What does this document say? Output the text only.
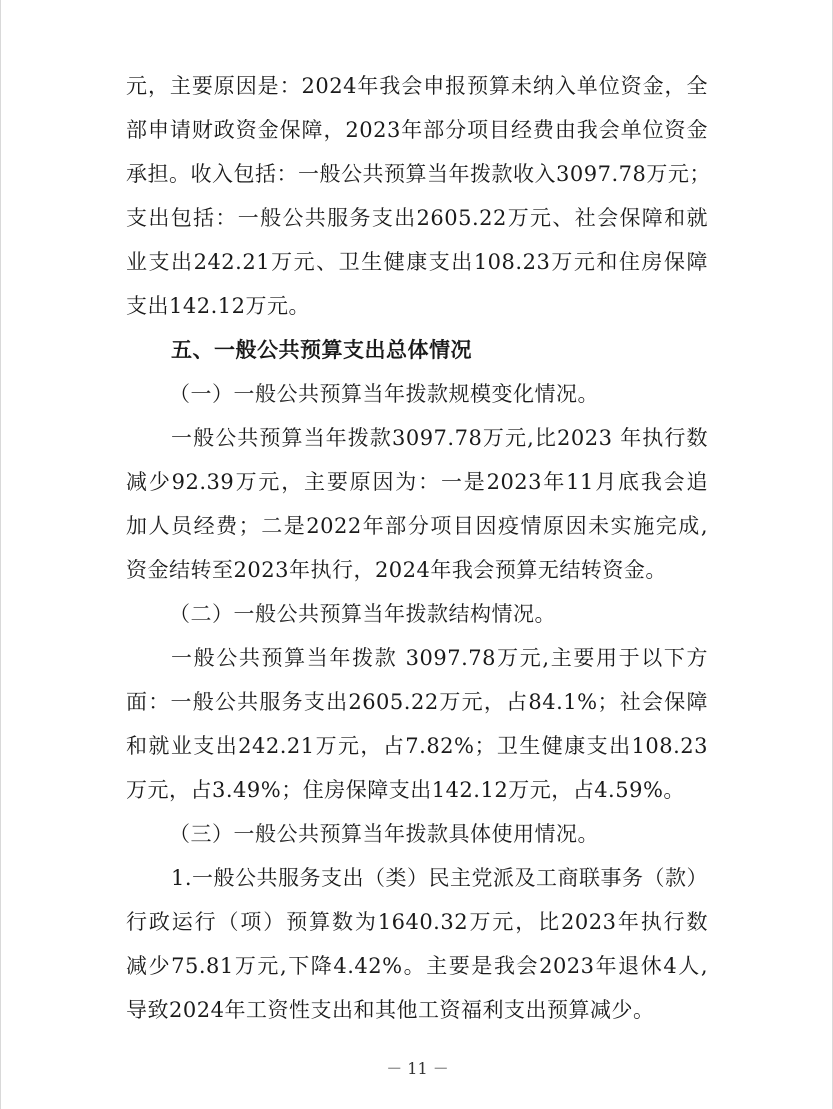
元，主要原因是：2024年我会申报预算未纳入单位资金，全
部申请财政资金保障，2023年部分项目经费由我会单位资金
承担。收入包括：一般公共预算当年拨款收入3097.78万元；
支出包括：一般公共服务支出2605.22万元、社会保障和就
业支出242.21万元、卫生健康支出108.23万元和住房保障
支出142.12万元。
五、一般公共预算支出总体情况
（一）一般公共预算当年拨款规模变化情况。
一般公共预算当年拨款3097.78万元,比2023 年执行数
减少92.39万元，主要原因为：一是2023年11月底我会追
加人员经费；二是2022年部分项目因疫情原因未实施完成,
资金结转至2023年执行，2024年我会预算无结转资金。
（二）一般公共预算当年拨款结构情况。
一般公共预算当年拨款 3097.78万元,主要用于以下方
面：一般公共服务支出2605.22万元，占84.1%；社会保障
和就业支出242.21万元，占7.82%；卫生健康支出108.23
万元，占3.49%；住房保障支出142.12万元，占4.59%。
（三）一般公共预算当年拨款具体使用情况。
1.一般公共服务支出（类）民主党派及工商联事务（款）
行政运行（项）预算数为1640.32万元，比2023年执行数
减少75.81万元,下降4.42%。主要是我会2023年退休4人,
导致2024年工资性支出和其他工资福利支出预算减少。
－ 11 －
